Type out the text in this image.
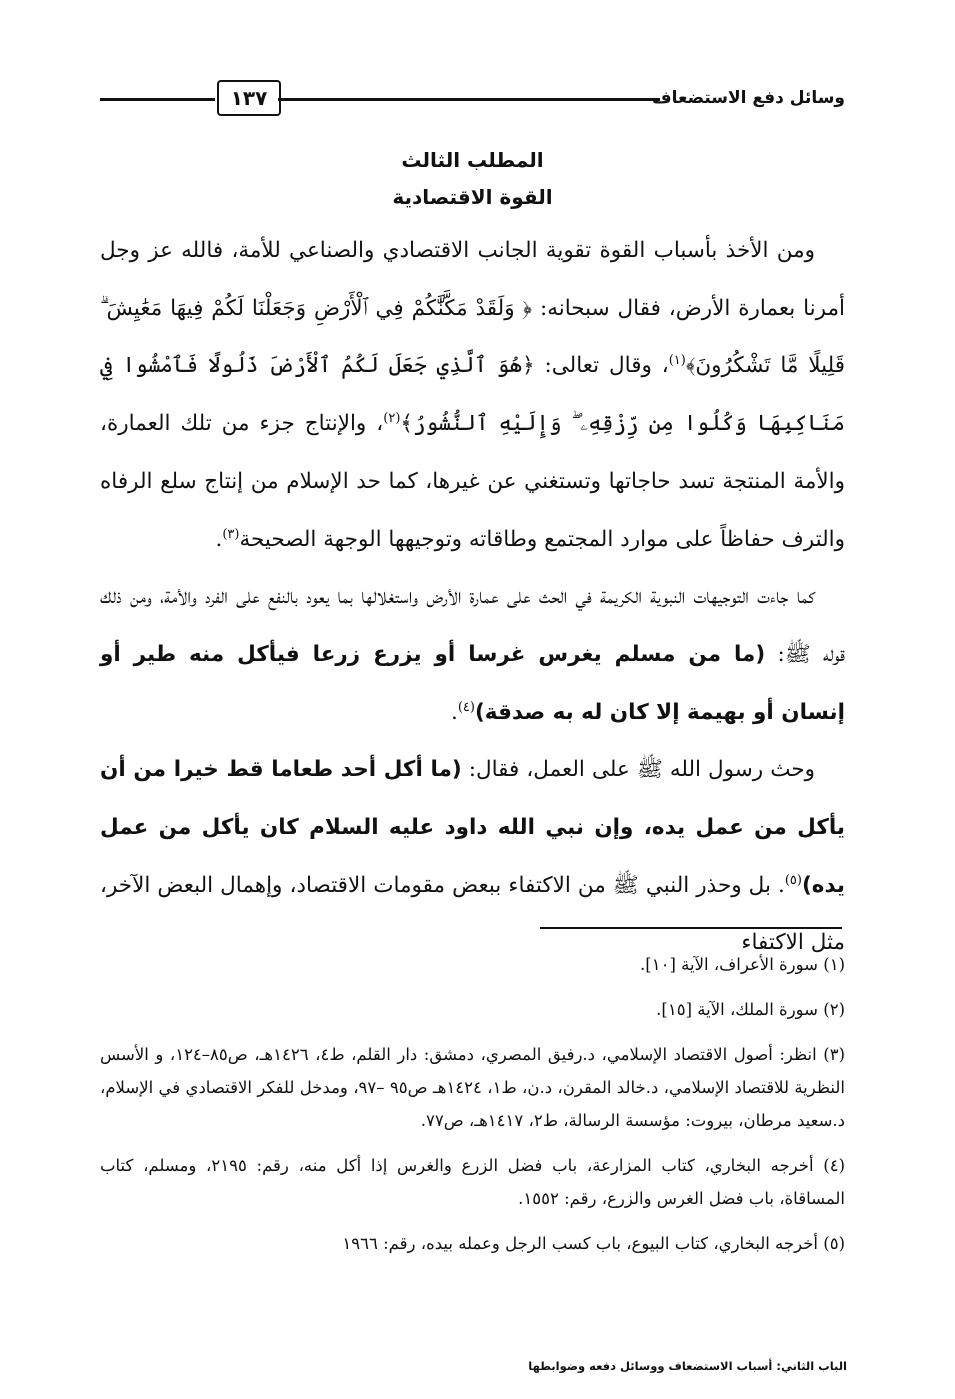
١٣٧	وسائل دفع الاستضعاف
المطلب الثالث
القوة الاقتصادية

ومن الأخذ بأسباب القوة تقوية الجانب الاقتصادي والصناعي للأمة، فالله عز وجل أمرنا بعمارة الأرض، فقال سبحانه: ﴿ وَلَقَدْ مَكَّنَّٰكُمْ فِي ٱلْأَرْضِ وَجَعَلْنَا لَكُمْ فِيهَا مَعَٰيِشَ ۗ قَلِيلًا مَّا تَشْكُرُونَ﴾$^{(١)}$، وقال تعالى: ﴿هُوَ ٱلَّذِي جَعَلَ لَكُمُ ٱلْأَرْضَ ذَلُولًا فَٱمْشُوا فِي مَنَاكِبِهَا وَكُلُوا مِن رِّزْقِهِۦ ۖ وَإِلَيْهِ ٱلنُّشُورُ﴾$^{(٢)}$، والإنتاج جزء من تلك العمارة، والأمة المنتجة تسد حاجاتها وتستغني عن غيرها، كما حد الإسلام من إنتاج سلع الرفاه والترف حفاظاً على موارد المجتمع وطاقاته وتوجيهها الوجهة الصحيحة$^{(٣)}$.

كما جاءت التوجيهات النبوية الكريمة في الحث على عمارة الأرض واستغلالها بما يعود بالنفع على الفرد والأمة، ومن ذلك قوله ﷺ: (ما من مسلم يغرس غرسا أو يزرع زرعا فيأكل منه طير أو إنسان أو بهيمة إلا كان له به صدقة)$^{(٤)}$.

وحث رسول الله ﷺ على العمل، فقال: (ما أكل أحد طعاما قط خيرا من أن يأكل من عمل يده، وإن نبي الله داود عليه السلام كان يأكل من عمل يده)$^{(٥)}$. بل وحذر النبي ﷺ من الاكتفاء ببعض مقومات الاقتصاد، وإهمال البعض الآخر، مثل الاكتفاء

(١) سورة الأعراف، الآية [١٠].

(٢) سورة الملك، الآية [١٥].

(٣) انظر: أصول الاقتصاد الإسلامي، د.رفيق المصري، دمشق: دار القلم، ط٤، ١٤٢٦هـ، ص٨٥–١٢٤، و الأسس النظرية للاقتصاد الإسلامي، د.خالد المقرن، د.ن، ط١، ١٤٢٤هـ ص٩٥ –٩٧، ومدخل للفكر الاقتصادي في الإسلام، د.سعيد مرطان، بيروت: مؤسسة الرسالة، ط٢، ١٤١٧هـ، ص٧٧.

(٤) أخرجه البخاري، كتاب المزارعة، باب فضل الزرع والغرس إذا أكل منه، رقم: ٢١٩٥، ومسلم، كتاب المساقاة، باب فضل الغرس والزرع، رقم: ١٥٥٢.

(٥) أخرجه البخاري، كتاب البيوع، باب كسب الرجل وعمله بيده، رقم: ١٩٦٦

الباب الثاني: أسباب الاستضعاف ووسائل دفعه وضوابطها
